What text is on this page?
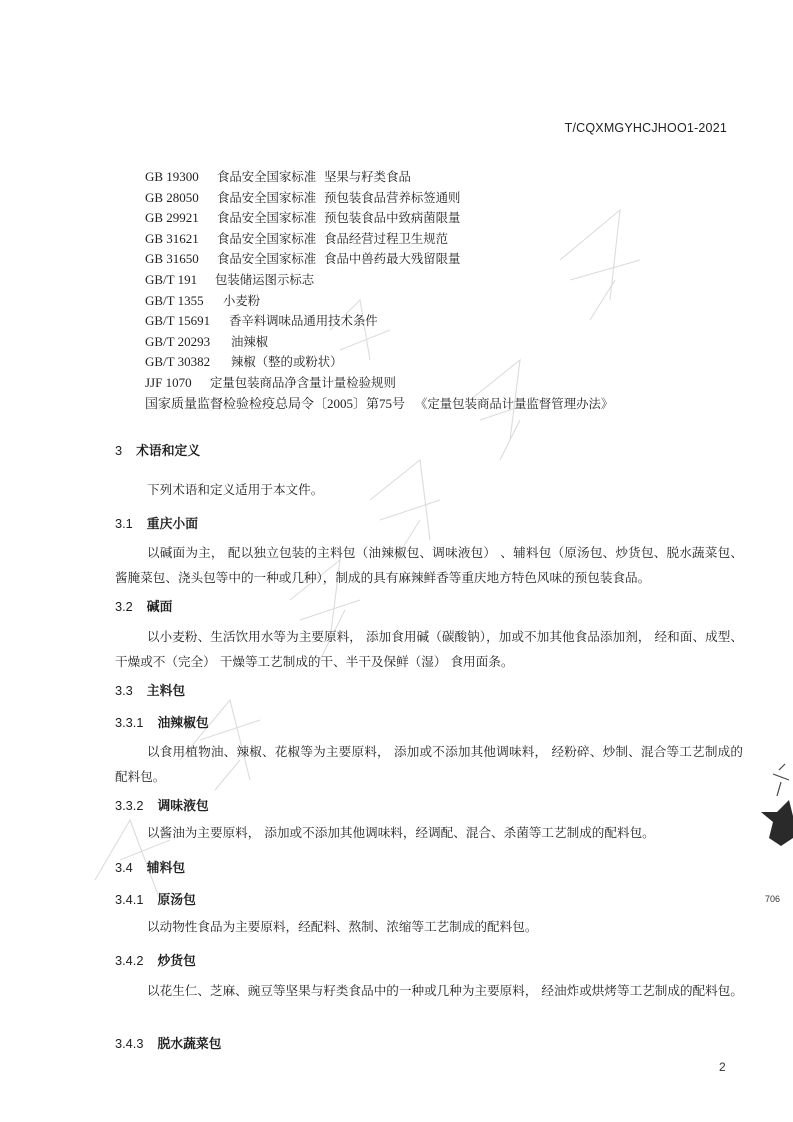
T/CQXMGYHCJHOO1-2021
GB 19300	食品安全国家标准 坚果与籽类食品
GB 28050	食品安全国家标准 预包装食品营养标签通则
GB 29921	食品安全国家标准 预包装食品中致病菌限量
GB 31621	食品安全国家标准 食品经营过程卫生规范
GB 31650	食品安全国家标准 食品中兽药最大残留限量
GB/T 191	包装储运图示标志
GB/T 1355	小麦粉
GB/T 15691	香辛料调味品通用技术条件
GB/T 20293	油辣椒
GB/T 30382	辣椒（整的或粉状）
JJF 1070	定量包装商品净含量计量检验规则
国家质量监督检验检疫总局令〔2005〕第75号 《定量包装商品计量监督管理办法》
3 术语和定义
下列术语和定义适用于本文件。
3.1 重庆小面
以碱面为主， 配以独立包装的主料包（油辣椒包、调味液包） 、辅料包（原汤包、炒货包、脱水蔬菜包、酱腌菜包、浇头包等中的一种或几种），制成的具有麻辣鲜香等重庆地方特色风味的预包装食品。
3.2 碱面
以小麦粉、生活饮用水等为主要原料， 添加食用碱（碳酸钠），加或不加其他食品添加剂， 经和面、成型、干燥或不（完全） 干燥等工艺制成的干、半干及保鲜（湿） 食用面条。
3.3 主料包
3.3.1 油辣椒包
以食用植物油、辣椒、花椒等为主要原料， 添加或不添加其他调味料， 经粉碎、炒制、混合等工艺制成的配料包。
3.3.2 调味液包
以酱油为主要原料， 添加或不添加其他调味料，经调配、混合、杀菌等工艺制成的配料包。
3.4 辅料包
3.4.1 原汤包
以动物性食品为主要原料，经配料、熬制、浓缩等工艺制成的配料包。
3.4.2 炒货包
以花生仁、芝麻、豌豆等坚果与籽类食品中的一种或几种为主要原料， 经油炸或烘烤等工艺制成的配料包。
3.4.3 脱水蔬菜包
2
706
